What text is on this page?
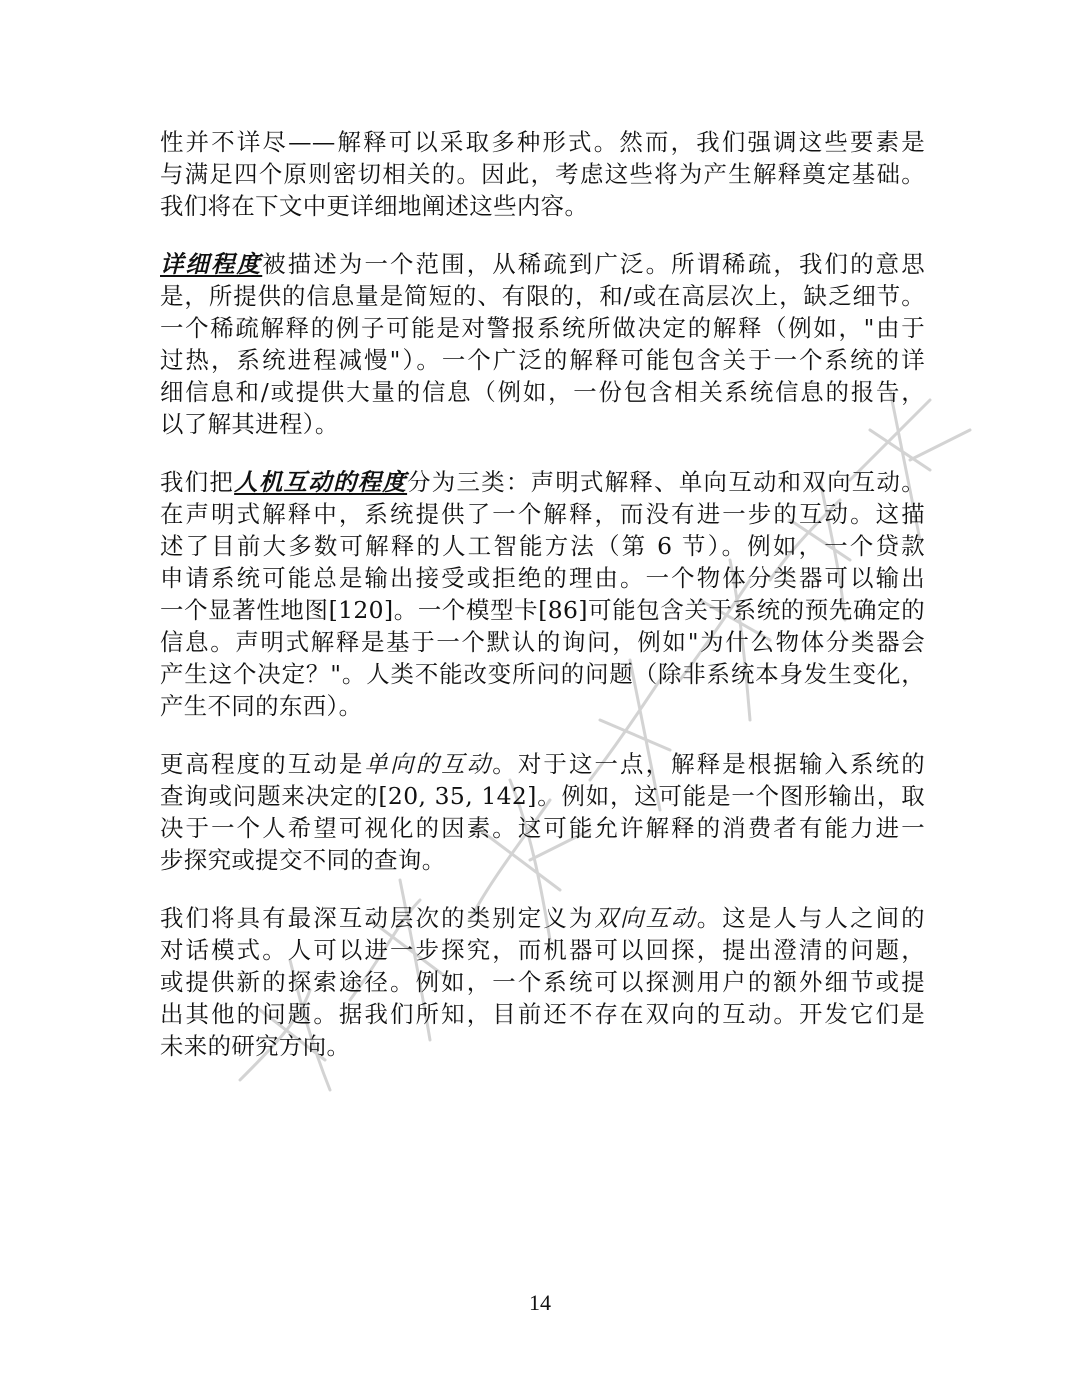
性并不详尽——解释可以采取多种形式。然而，我们强调这些要素是
与满足四个原则密切相关的。因此，考虑这些将为产生解释奠定基础。
我们将在下文中更详细地阐述这些内容。

详细程度被描述为一个范围，从稀疏到广泛。所谓稀疏，我们的意思
是，所提供的信息量是简短的、有限的，和/或在高层次上，缺乏细节。
一个稀疏解释的例子可能是对警报系统所做决定的解释（例如，"由于
过热，系统进程减慢"）。一个广泛的解释可能包含关于一个系统的详
细信息和/或提供大量的信息（例如，一份包含相关系统信息的报告，
以了解其进程）。

我们把人机互动的程度分为三类：声明式解释、单向互动和双向互动。
在声明式解释中，系统提供了一个解释，而没有进一步的互动。这描
述了目前大多数可解释的人工智能方法（第 6 节）。例如，一个贷款
申请系统可能总是输出接受或拒绝的理由。一个物体分类器可以输出
一个显著性地图[120]。一个模型卡[86]可能包含关于系统的预先确定的
信息。声明式解释是基于一个默认的询问，例如"为什么物体分类器会
产生这个决定？"。人类不能改变所问的问题（除非系统本身发生变化，
产生不同的东西）。

更高程度的互动是单向的互动。对于这一点，解释是根据输入系统的
查询或问题来决定的[20, 35, 142]。例如，这可能是一个图形输出，取
决于一个人希望可视化的因素。这可能允许解释的消费者有能力进一
步探究或提交不同的查询。

我们将具有最深互动层次的类别定义为双向互动。这是人与人之间的
对话模式。人可以进一步探究，而机器可以回探，提出澄清的问题，
或提供新的探索途径。例如，一个系统可以探测用户的额外细节或提
出其他的问题。据我们所知，目前还不存在双向的互动。开发它们是
未来的研究方向。

14
